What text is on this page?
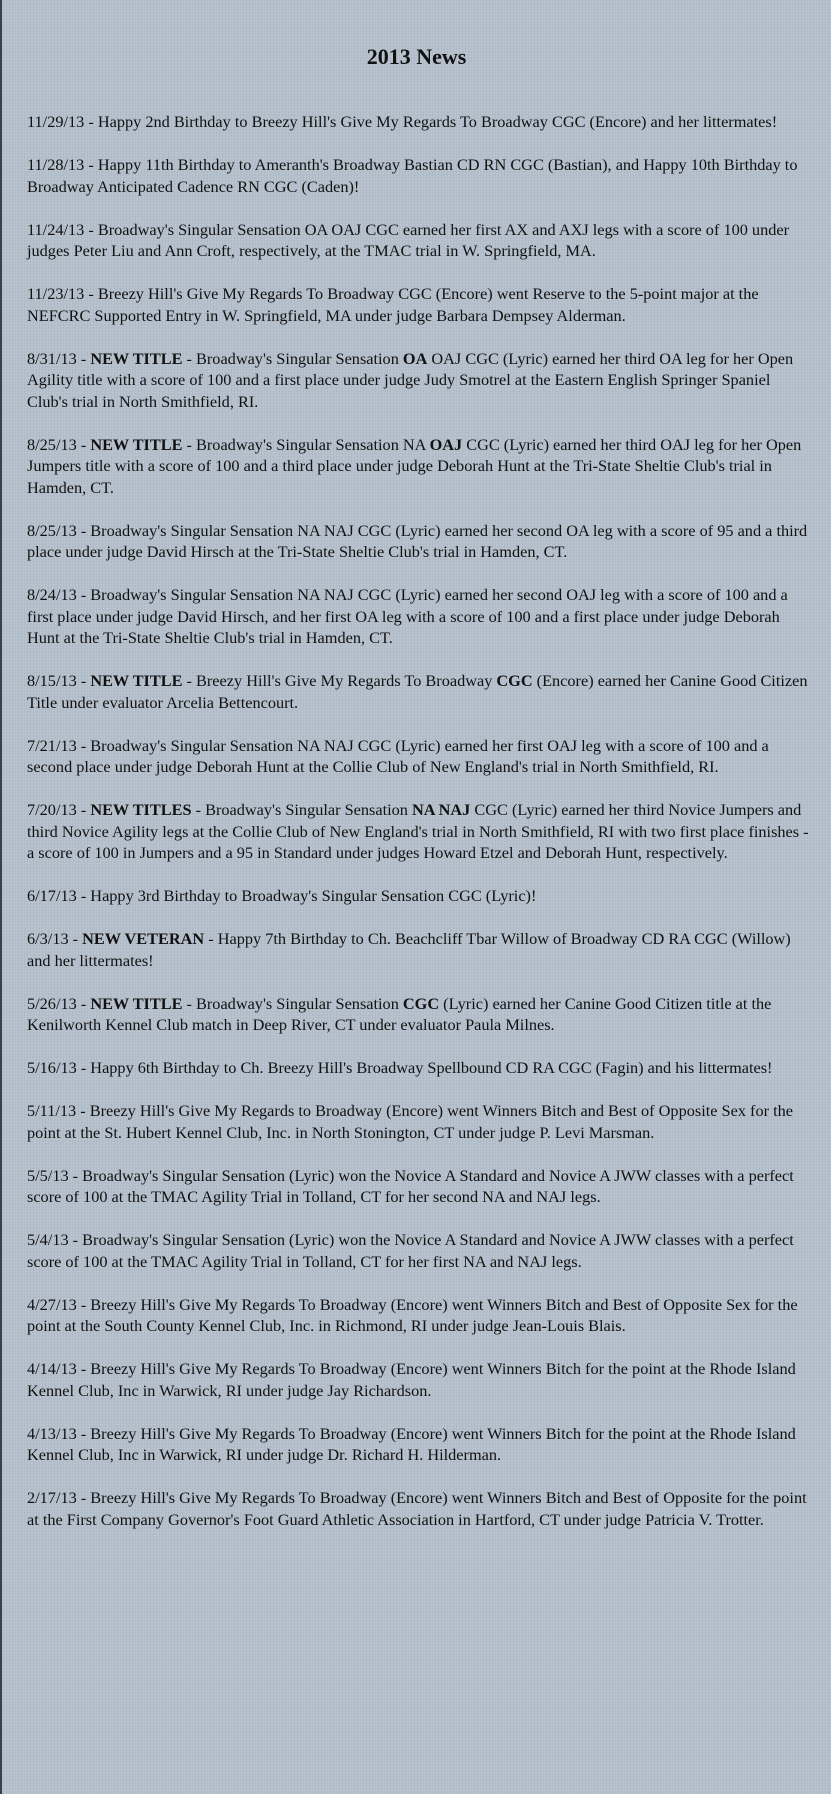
2013 News

11/29/13 - Happy 2nd Birthday to Breezy Hill's Give My Regards To Broadway CGC (Encore) and her littermates!

11/28/13 - Happy 11th Birthday to Ameranth's Broadway Bastian CD RN CGC (Bastian), and Happy 10th Birthday to Broadway Anticipated Cadence RN CGC (Caden)!

11/24/13 - Broadway's Singular Sensation OA OAJ CGC earned her first AX and AXJ legs with a score of 100 under judges Peter Liu and Ann Croft, respectively, at the TMAC trial in W. Springfield, MA.

11/23/13 - Breezy Hill's Give My Regards To Broadway CGC (Encore) went Reserve to the 5-point major at the NEFCRC Supported Entry in W. Springfield, MA under judge Barbara Dempsey Alderman.

8/31/13 - NEW TITLE - Broadway's Singular Sensation OA OAJ CGC (Lyric) earned her third OA leg for her Open Agility title with a score of 100 and a first place under judge Judy Smotrel at the Eastern English Springer Spaniel Club's trial in North Smithfield, RI.

8/25/13 - NEW TITLE - Broadway's Singular Sensation NA OAJ CGC (Lyric) earned her third OAJ leg for her Open Jumpers title with a score of 100 and a third place under judge Deborah Hunt at the Tri-State Sheltie Club's trial in Hamden, CT.

8/25/13 - Broadway's Singular Sensation NA NAJ CGC (Lyric) earned her second OA leg with a score of 95 and a third place under judge David Hirsch at the Tri-State Sheltie Club's trial in Hamden, CT.

8/24/13 - Broadway's Singular Sensation NA NAJ CGC (Lyric) earned her second OAJ leg with a score of 100 and a first place under judge David Hirsch, and her first OA leg with a score of 100 and a first place under judge Deborah Hunt at the Tri-State Sheltie Club's trial in Hamden, CT.

8/15/13 - NEW TITLE - Breezy Hill's Give My Regards To Broadway CGC (Encore) earned her Canine Good Citizen Title under evaluator Arcelia Bettencourt.

7/21/13 - Broadway's Singular Sensation NA NAJ CGC (Lyric) earned her first OAJ leg with a score of 100 and a second place under judge Deborah Hunt at the Collie Club of New England's trial in North Smithfield, RI.

7/20/13 - NEW TITLES - Broadway's Singular Sensation NA NAJ CGC (Lyric) earned her third Novice Jumpers and third Novice Agility legs at the Collie Club of New England's trial in North Smithfield, RI with two first place finishes - a score of 100 in Jumpers and a 95 in Standard under judges Howard Etzel and Deborah Hunt, respectively.

6/17/13 - Happy 3rd Birthday to Broadway's Singular Sensation CGC (Lyric)!

6/3/13 - NEW VETERAN - Happy 7th Birthday to Ch. Beachcliff Tbar Willow of Broadway CD RA CGC (Willow) and her littermates!

5/26/13 - NEW TITLE - Broadway's Singular Sensation CGC (Lyric) earned her Canine Good Citizen title at the Kenilworth Kennel Club match in Deep River, CT under evaluator Paula Milnes.

5/16/13 - Happy 6th Birthday to Ch. Breezy Hill's Broadway Spellbound CD RA CGC (Fagin) and his littermates!

5/11/13 - Breezy Hill's Give My Regards to Broadway (Encore) went Winners Bitch and Best of Opposite Sex for the point at the St. Hubert Kennel Club, Inc. in North Stonington, CT under judge P. Levi Marsman.

5/5/13 - Broadway's Singular Sensation (Lyric) won the Novice A Standard and Novice A JWW classes with a perfect score of 100 at the TMAC Agility Trial in Tolland, CT for her second NA and NAJ legs.

5/4/13 - Broadway's Singular Sensation (Lyric) won the Novice A Standard and Novice A JWW classes with a perfect score of 100 at the TMAC Agility Trial in Tolland, CT for her first NA and NAJ legs.

4/27/13 - Breezy Hill's Give My Regards To Broadway (Encore) went Winners Bitch and Best of Opposite Sex for the point at the South County Kennel Club, Inc. in Richmond, RI under judge Jean-Louis Blais.

4/14/13 - Breezy Hill's Give My Regards To Broadway (Encore) went Winners Bitch for the point at the Rhode Island Kennel Club, Inc in Warwick, RI under judge Jay Richardson.

4/13/13 - Breezy Hill's Give My Regards To Broadway (Encore) went Winners Bitch for the point at the Rhode Island Kennel Club, Inc in Warwick, RI under judge Dr. Richard H. Hilderman.

2/17/13 - Breezy Hill's Give My Regards To Broadway (Encore) went Winners Bitch and Best of Opposite for the point at the First Company Governor's Foot Guard Athletic Association in Hartford, CT under judge Patricia V. Trotter.
